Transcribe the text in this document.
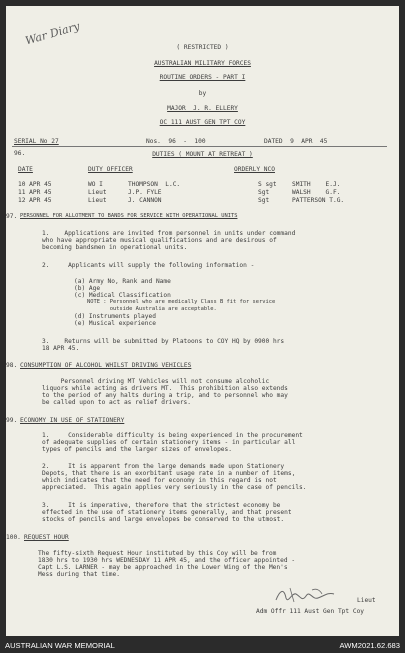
War Diary	( RESTRICTED )
AUSTRALIAN MILITARY FORCES
ROUTINE ORDERS - PART I
by
MAJOR  J. R. ELLERY
OC 111 AUST GEN TPT COY
SERIAL No 27	Nos.  96  -  100	DATED  9  APR  45
96.	DUTIES ( MOUNT AT RETREAT )
DATE	DUTY OFFICER	ORDERLY NCO
10 APR 45	WO I	THOMPSON  L.C.	S sgt SMITH    E.J.
11 APR 45	Lieut	J.P. FYLE	Sgt	WALSH    G.F.
12 APR 45	Lieut	J. CANNON	Sgt	PATTERSON T.G.
97. PERSONNEL FOR ALLOTMENT TO BANDS FOR SERVICE WITH OPERATIONAL UNITS
1.    Applications are invited from personnel in units under command
who have appropriate musical qualifications and are desirous of
becoming bandsmen in operational units.
2.     Applicants will supply the following information -
(a) Army No, Rank and Name
(b) Age
(c) Medical Classification
NOTE : Personnel who are medically Class B fit for service
outside Australia are acceptable.
(d) Instruments played
(e) Musical experience
3.    Returns will be submitted by Platoons to COY HQ by 0900 hrs
18 APR 45.
98. CONSUMPTION OF ALCOHOL WHILST DRIVING VEHICLES
Personnel driving MT Vehicles will not consume alcoholic
liquors while acting as drivers MT.  This prohibition also extends
to the period of any halts during a trip, and to personnel who may
be called upon to act as relief drivers.
99. ECONOMY IN USE OF STATIONERY
1.     Considerable difficulty is being experienced in the procurement
of adequate supplies of certain stationery items - in particular all
types of pencils and the larger sizes of envelopes.
2.     It is apparent from the large demands made upon Stationery
Depots, that there is an exorbitant usage rate in a number of items,
which indicates that the need for economy in this regard is not
appreciated.  This again applies very seriously in the case of pencils.
3.     It is imperative, therefore that the strictest economy be
effected in the use of stationery items generally, and that present
stocks of pencils and large envelopes be conserved to the utmost.
100. REQUEST HOUR
The fifty-sixth Request Hour instituted by this Coy will be from
1830 hrs to 1930 hrs WEDNESDAY 11 APR 45, and the officer appointed -
Capt L.S. LARNER - may be approached in the Lower Wing of the Men's
Mess during that time.
Lieut
Adm Offr 111 Aust Gen Tpt Coy
AUSTRALIAN WAR MEMORIAL	AWM2021.62.683
